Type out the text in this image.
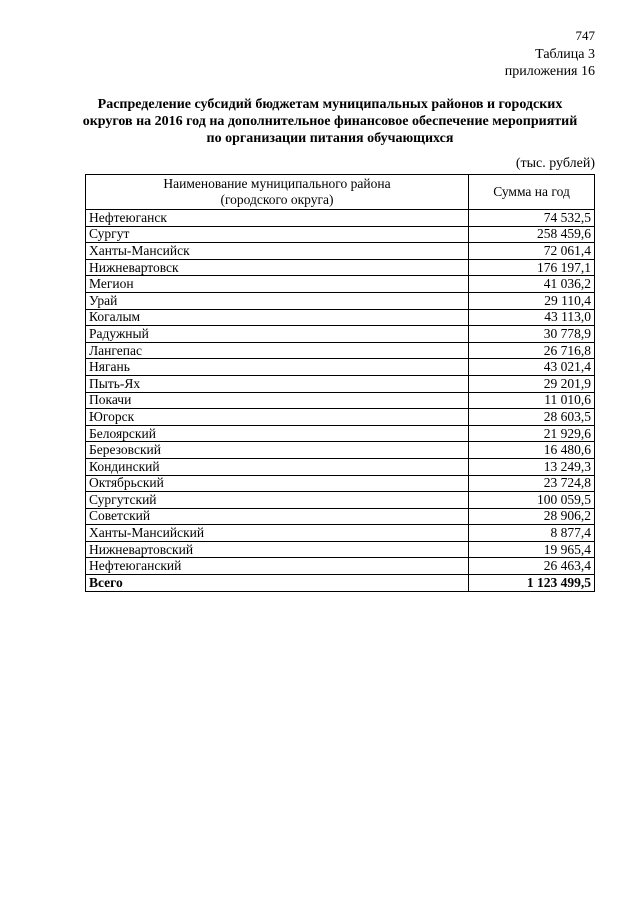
747
Таблица 3
приложения 16
Распределение субсидий бюджетам муниципальных районов и городских
округов на 2016 год на дополнительное финансовое обеспечение мероприятий
по организации питания обучающихся
(тыс. рублей)
Наименование муниципального района
(городского округа)	Сумма на год
Нефтеюганск	74 532,5
Сургут	258 459,6
Ханты-Мансийск	72 061,4
Нижневартовск	176 197,1
Мегион	41 036,2
Урай	29 110,4
Когалым	43 113,0
Радужный	30 778,9
Лангепас	26 716,8
Нягань	43 021,4
Пыть-Ях	29 201,9
Покачи	11 010,6
Югорск	28 603,5
Белоярский	21 929,6
Березовский	16 480,6
Кондинский	13 249,3
Октябрьский	23 724,8
Сургутский	100 059,5
Советский	28 906,2
Ханты-Мансийский	8 877,4
Нижневартовский	19 965,4
Нефтеюганский	26 463,4
Всего	1 123 499,5
